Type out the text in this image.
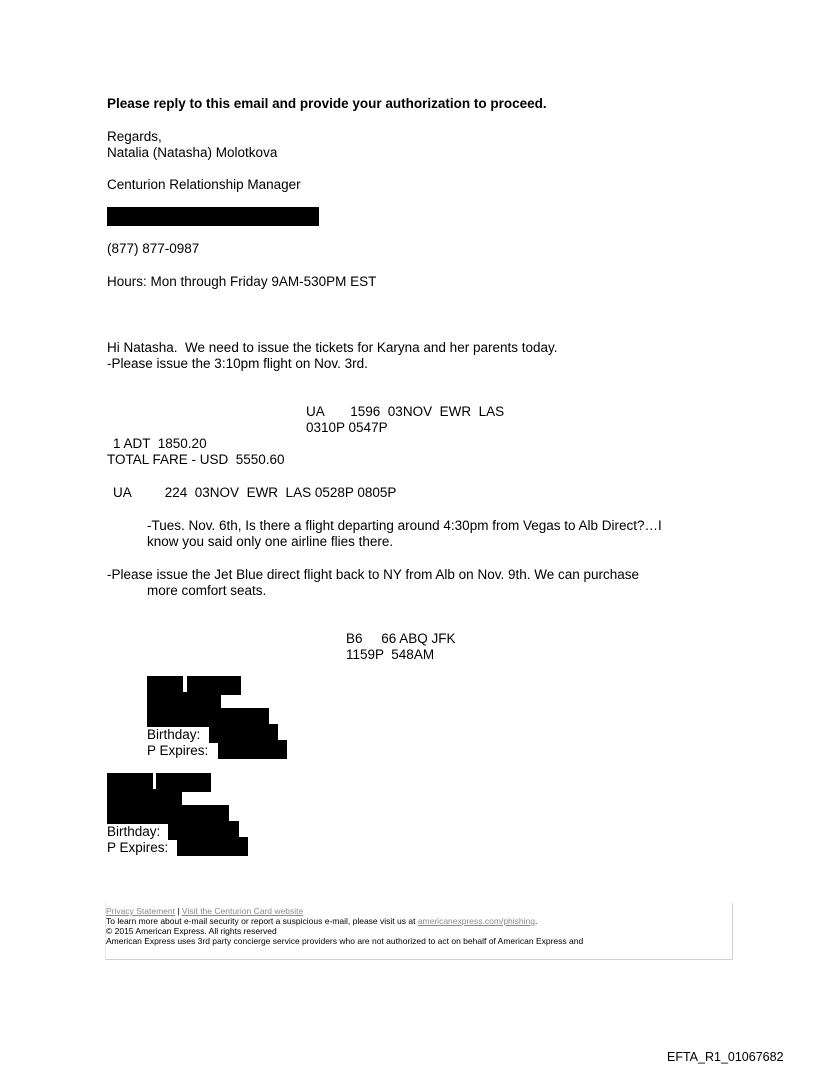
Please reply to this email and provide your authorization to proceed.
Regards,
Natalia (Natasha) Molotkova
Centurion Relationship Manager
(877) 877-0987
Hours: Mon through Friday 9AM-530PM EST
Hi Natasha.  We need to issue the tickets for Karyna and her parents today.
-Please issue the 3:10pm flight on Nov. 3rd.
UA       1596  03NOV  EWR  LAS
0310P 0547P
1 ADT  1850.20
TOTAL FARE - USD  5550.60
UA         224  03NOV  EWR  LAS 0528P 0805P
-Tues. Nov. 6th, Is there a flight departing around 4:30pm from Vegas to Alb Direct?…I
know you said only one airline flies there.
-Please issue the Jet Blue direct flight back to NY from Alb on Nov. 9th. We can purchase
more comfort seats.
B6     66 ABQ JFK
1159P  548AM
Birthday:
P Expires:
Birthday:
P Expires:
Privacy Statement | Visit the Centurion Card website
To learn more about e-mail security or report a suspicious e-mail, please visit us at americanexpress.com/phishing.
© 2015 American Express. All rights reserved
American Express uses 3rd party concierge service providers who are not authorized to act on behalf of American Express and
EFTA_R1_01067682
